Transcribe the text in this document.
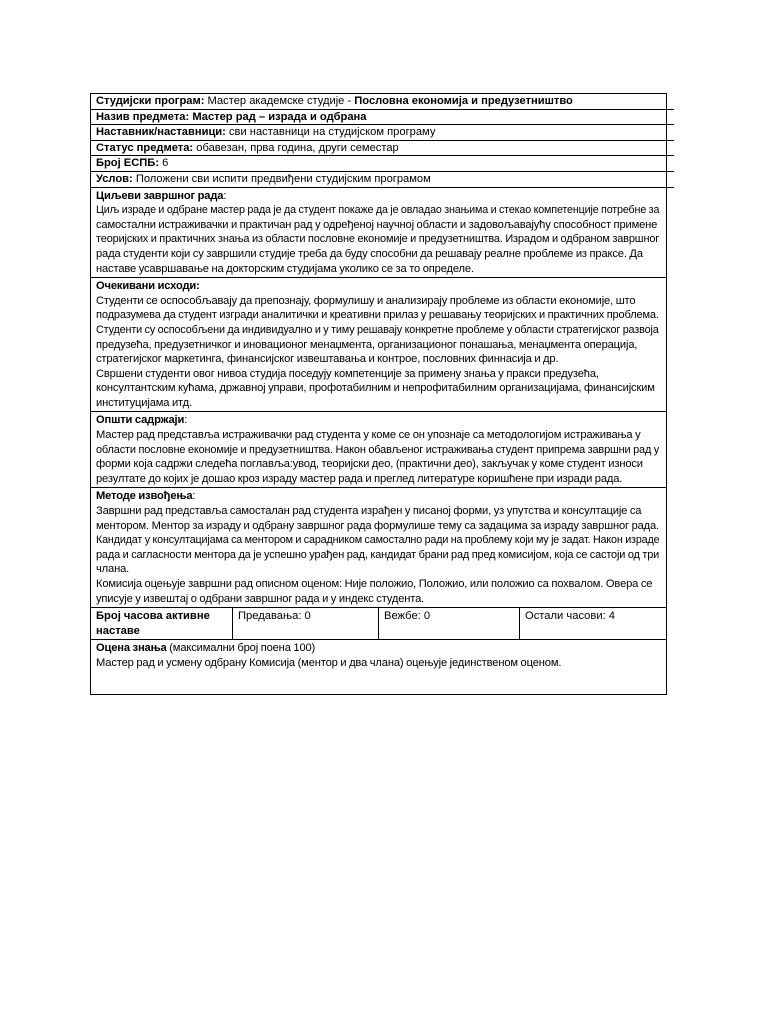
Студијски програм: Мастер академске студије - Пословна економија и предузетништво
Назив предмета: Мастер рад – израда и одбрана
Наставник/наставници: сви наставници на студијском програму
Статус предмета: обавезан, прва година, други семестар
Број ЕСПБ: 6
Услов: Положени сви испити предвиђени студијским програмом

Циљеви завршног рада:

Циљ израде и одбране мастер рада је да студент покаже да је овладао знањима и стекао компетенције потребне за

самостални истраживачки и практичан рад у одређеној научној области и задовољавајућу способност примене

теоријских и практичних знања из области пословне економије и предузетништва. Израдом и одбраном завршног

рада студенти који су завршили студије треба да буду способни да решавају реалне проблеме из праксе. Да

наставе усавршавање на докторским студијама уколико се за то определе.

Очекивани исходи:

Студенти се оспособљавају да препознају, формулишу и анализирају проблеме из области економије, што

подразумева да студент изгради аналитички и креативни прилаз у решавању теоријских и практичних проблема.

Студенти су оспособљени да индивидуално и у тиму решавају конкретне проблеме у области стратегијског развоја

предузећа, предузетничког и иновационог менаџмента, организационог понашања, менаџмента операција,

стратегијског маркетинга, финансијског извештавања и контрое, пословних финнасија и др.

Свршени студенти овог нивоа студија поседују компетенције за примену знања у пракси предузећа,

консултантским кућама, државној управи, профотабилним и непрофитабилним организацијама, финансијским

институцијама итд.

Општи садржаји:

Мастер рад представља истраживачки рад студента у коме се он упознаје са методологијом истраживања у

области пословне економије и предузетништва. Након обављеног истраживања студент припрема завршни рад у

форми која садржи следећа поглавља:увод, теоријски део, (практични део), закључак у коме студент износи

резултате до којих је дошао кроз израду мастер рада и преглед литературе коришћене при изради рада.

Методе извођења:

Завршни рад представља самосталан рад студента израђен у писаној форми, уз упутства и консултације са

ментором. Ментор за израду и одбрану завршног рада формулише тему са задацима за израду завршног рада.

Кандидат у консултацијама са ментором и сарадником самостално ради на проблему који му је задат. Након израде

рада и сагласности ментора да је успешно урађен рад, кандидат брани рад пред комисијом, која се састоји од три

члана.

Комисија оцењује завршни рад описном оценом: Није положио, Положио, или положио са похвалом. Овера се

уписује у извештај о одбрани завршног рада и у индекс студента.

Број часова активне наставе
Предавања: 0	Вежбе: 0	Остали часови: 4

Оцена знања (максимални број поена 100)

Мастер рад и усмену одбрану Комисија (ментор и два члана) оцењује јединственом оценом.
